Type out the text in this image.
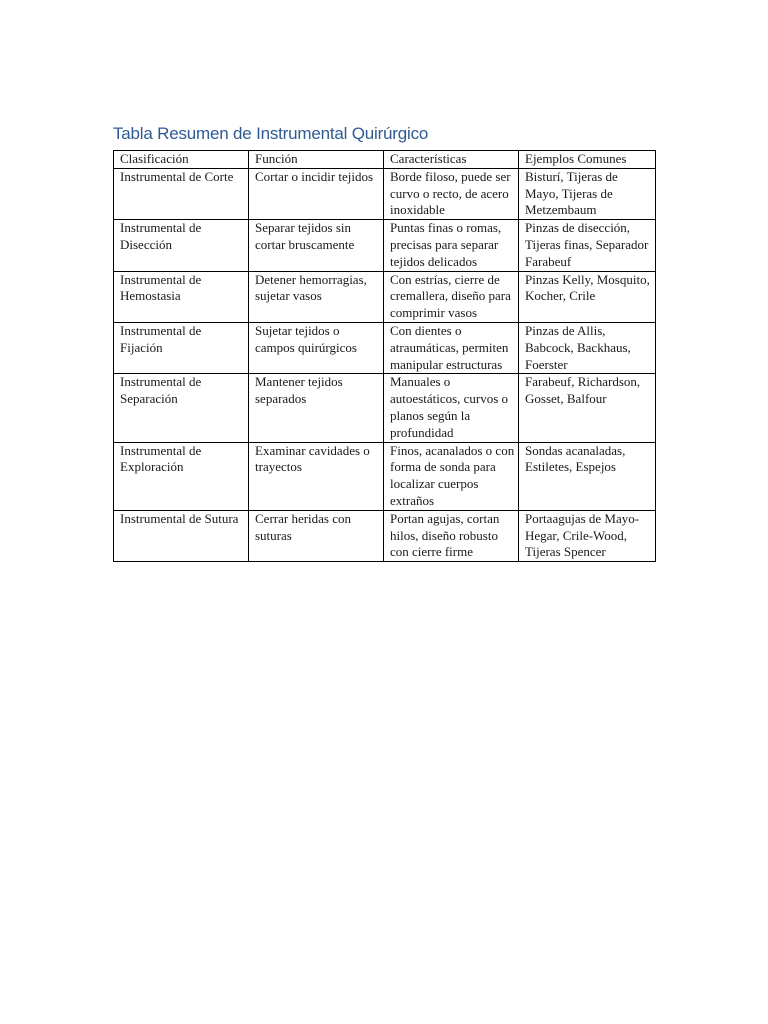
Tabla Resumen de Instrumental Quirúrgico
Clasificación	Función	Características	Ejemplos Comunes
Instrumental de Corte	Cortar o incidir tejidos	Borde filoso, puede ser curvo o recto, de acero inoxidable	Bisturí, Tijeras de Mayo, Tijeras de Metzembaum
Instrumental de Disección	Separar tejidos sin cortar bruscamente	Puntas finas o romas, precisas para separar tejidos delicados	Pinzas de disección, Tijeras finas, Separador Farabeuf
Instrumental de Hemostasia	Detener hemorragias, sujetar vasos	Con estrías, cierre de cremallera, diseño para comprimir vasos	Pinzas Kelly, Mosquito, Kocher, Crile
Instrumental de Fijación	Sujetar tejidos o campos quirúrgicos	Con dientes o atraumáticas, permiten manipular estructuras	Pinzas de Allis, Babcock, Backhaus, Foerster
Instrumental de Separación	Mantener tejidos separados	Manuales o autoestáticos, curvos o planos según la profundidad	Farabeuf, Richardson, Gosset, Balfour
Instrumental de Exploración	Examinar cavidades o trayectos	Finos, acanalados o con forma de sonda para localizar cuerpos extraños	Sondas acanaladas, Estiletes, Espejos
Instrumental de Sutura	Cerrar heridas con suturas	Portan agujas, cortan hilos, diseño robusto con cierre firme	Portaagujas de Mayo-Hegar, Crile-Wood, Tijeras Spencer
